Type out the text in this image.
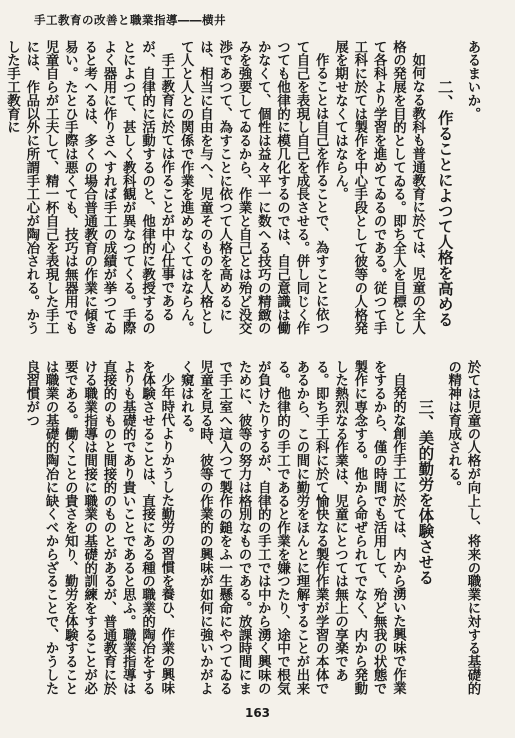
手工教育の改善と職業指導――横井

あるまいか。

二、作ることによつて人格を高める

如何なる教科も普通教育に於ては、児童の全人格の発展を目的としてゐる。即ち全人を目標として各科より学習を進めてゐるのである。従つて手工科に於ては製作を中心手段として彼等の人格発展を期せなくてはならん。

作ることは自己を作ることで、為すことに依つて自己を表現し自己を成長させる。併し同じく作つても他律的に模几化するのでは、自己意識は働かなくて、個性は益々平一に数へる技巧の精緻のみを強要してゐるから、作業と自己とは殆ど没交渉であつて、為すことに依つて人格を高めるには、相当に自由を与へ、児童そのものを人格として人と人との関係で作業を進めなくてはならん。

手工教育に於ては作ることが中心仕事であるが、自律的に活動するのと、他律的に教授するのとによつて、甚しく教科観が異なつてくる。手際よく器用に作りさへすれば手工の成績が挙つてゐると考へるは、多くの場合普通教育の作業に傾き易い。たとひ手際は悪くても、技巧は無器用でも児童自らが工夫して、精一杯自己を表現した手工には、作品以外に所謂手工心が陶冶される。かうした手工教育に

於ては児童の人格が向上し、将来の職業に対する基礎的の精神は育成される。

三、美的勤労を体験させる

自発的な創作手工に於ては、内から湧いた興味で作業をするから、僅の時間でも活用して、殆ど無我の状態で製作に専念する。他から命ぜられてでなく、内から発動した熱烈なる作業は、児童にとつては無上の享楽である。即ち手工科に於て愉快なる製作作業が学習の本体であるから、この間に勤労をほんとに理解することが出来る。他律的の手工であると作業を嫌つたり、途中で根気が負けたりするが、自律的の手工では中から湧く興味のために、彼等の努力は格別なものである。放課時間にまで手工室へ這入つて製作の鎚をふ一生懸命にやつてゐる児童を見る時、彼等の作業的の興味が如何に強いかがよく窺はれる。

少年時代よりかうした勤労の習慣を養ひ、作業の興味を体験させることは、直接にある種の職業的陶冶をするよりも基礎的であり貴いことであると思ふ。職業指導は直接的のものと間接的のものとがあるが、普通教育に於ける職業指導は間接に職業の基礎的訓練をすることが必要である。働くことの貴さを知り、勤労を体験することは職業の基礎的陶冶に缺くべからざることで、かうした良習慣がつ

163
